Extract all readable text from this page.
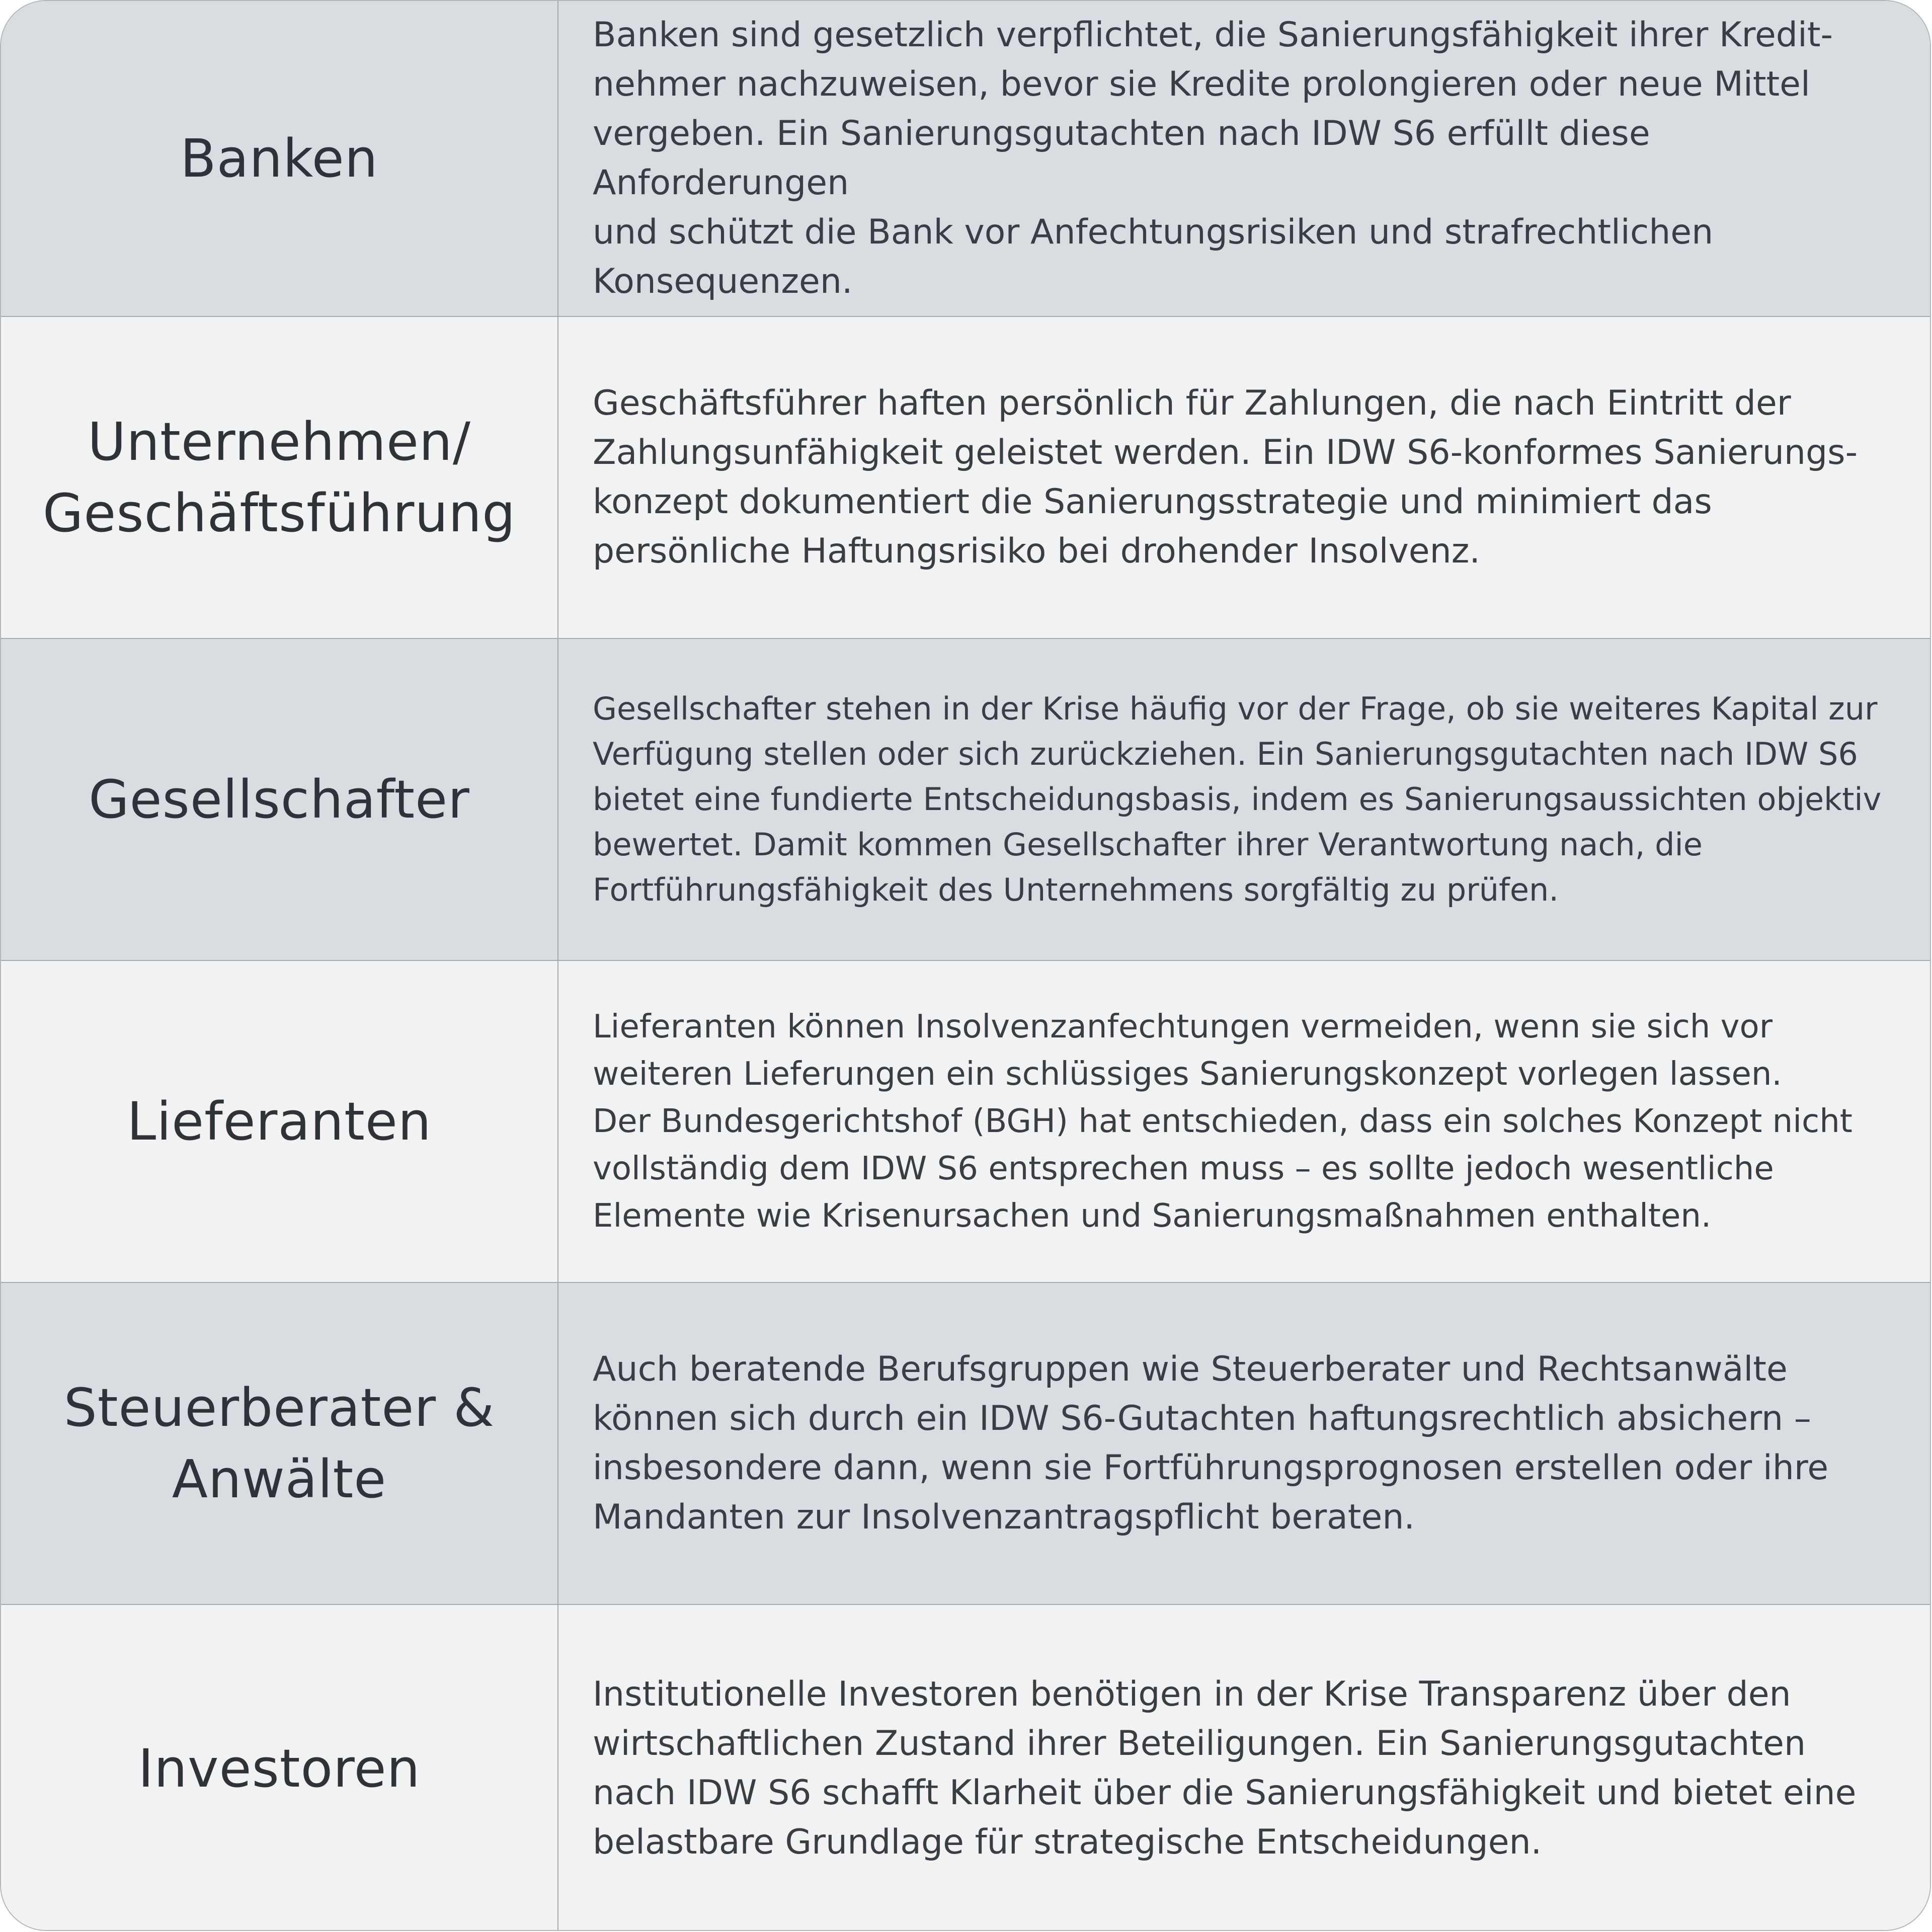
Banken
Banken sind gesetzlich verpflichtet, die Sanierungsfähigkeit ihrer Kredit-
nehmer nachzuweisen, bevor sie Kredite prolongieren oder neue Mittel
vergeben. Ein Sanierungsgutachten nach IDW S6 erfüllt diese Anforderungen
und schützt die Bank vor Anfechtungsrisiken und strafrechtlichen
Konsequenzen.
Unternehmen/
Geschäftsführung
Geschäftsführer haften persönlich für Zahlungen, die nach Eintritt der
Zahlungsunfähigkeit geleistet werden. Ein IDW S6-konformes Sanierungs-
konzept dokumentiert die Sanierungsstrategie und minimiert das
persönliche Haftungsrisiko bei drohender Insolvenz.
Gesellschafter
Gesellschafter stehen in der Krise häufig vor der Frage, ob sie weiteres Kapital zur
Verfügung stellen oder sich zurückziehen. Ein Sanierungsgutachten nach IDW S6
bietet eine fundierte Entscheidungsbasis, indem es Sanierungsaussichten objektiv
bewertet. Damit kommen Gesellschafter ihrer Verantwortung nach, die
Fortführungsfähigkeit des Unternehmens sorgfältig zu prüfen.
Lieferanten
Lieferanten können Insolvenzanfechtungen vermeiden, wenn sie sich vor
weiteren Lieferungen ein schlüssiges Sanierungskonzept vorlegen lassen.
Der Bundesgerichtshof (BGH) hat entschieden, dass ein solches Konzept nicht
vollständig dem IDW S6 entsprechen muss – es sollte jedoch wesentliche
Elemente wie Krisenursachen und Sanierungsmaßnahmen enthalten.
Steuerberater &
Anwälte
Auch beratende Berufsgruppen wie Steuerberater und Rechtsanwälte
können sich durch ein IDW S6-Gutachten haftungsrechtlich absichern –
insbesondere dann, wenn sie Fortführungsprognosen erstellen oder ihre
Mandanten zur Insolvenzantragspflicht beraten.
Investoren
Institutionelle Investoren benötigen in der Krise Transparenz über den
wirtschaftlichen Zustand ihrer Beteiligungen. Ein Sanierungsgutachten
nach IDW S6 schafft Klarheit über die Sanierungsfähigkeit und bietet eine
belastbare Grundlage für strategische Entscheidungen.
